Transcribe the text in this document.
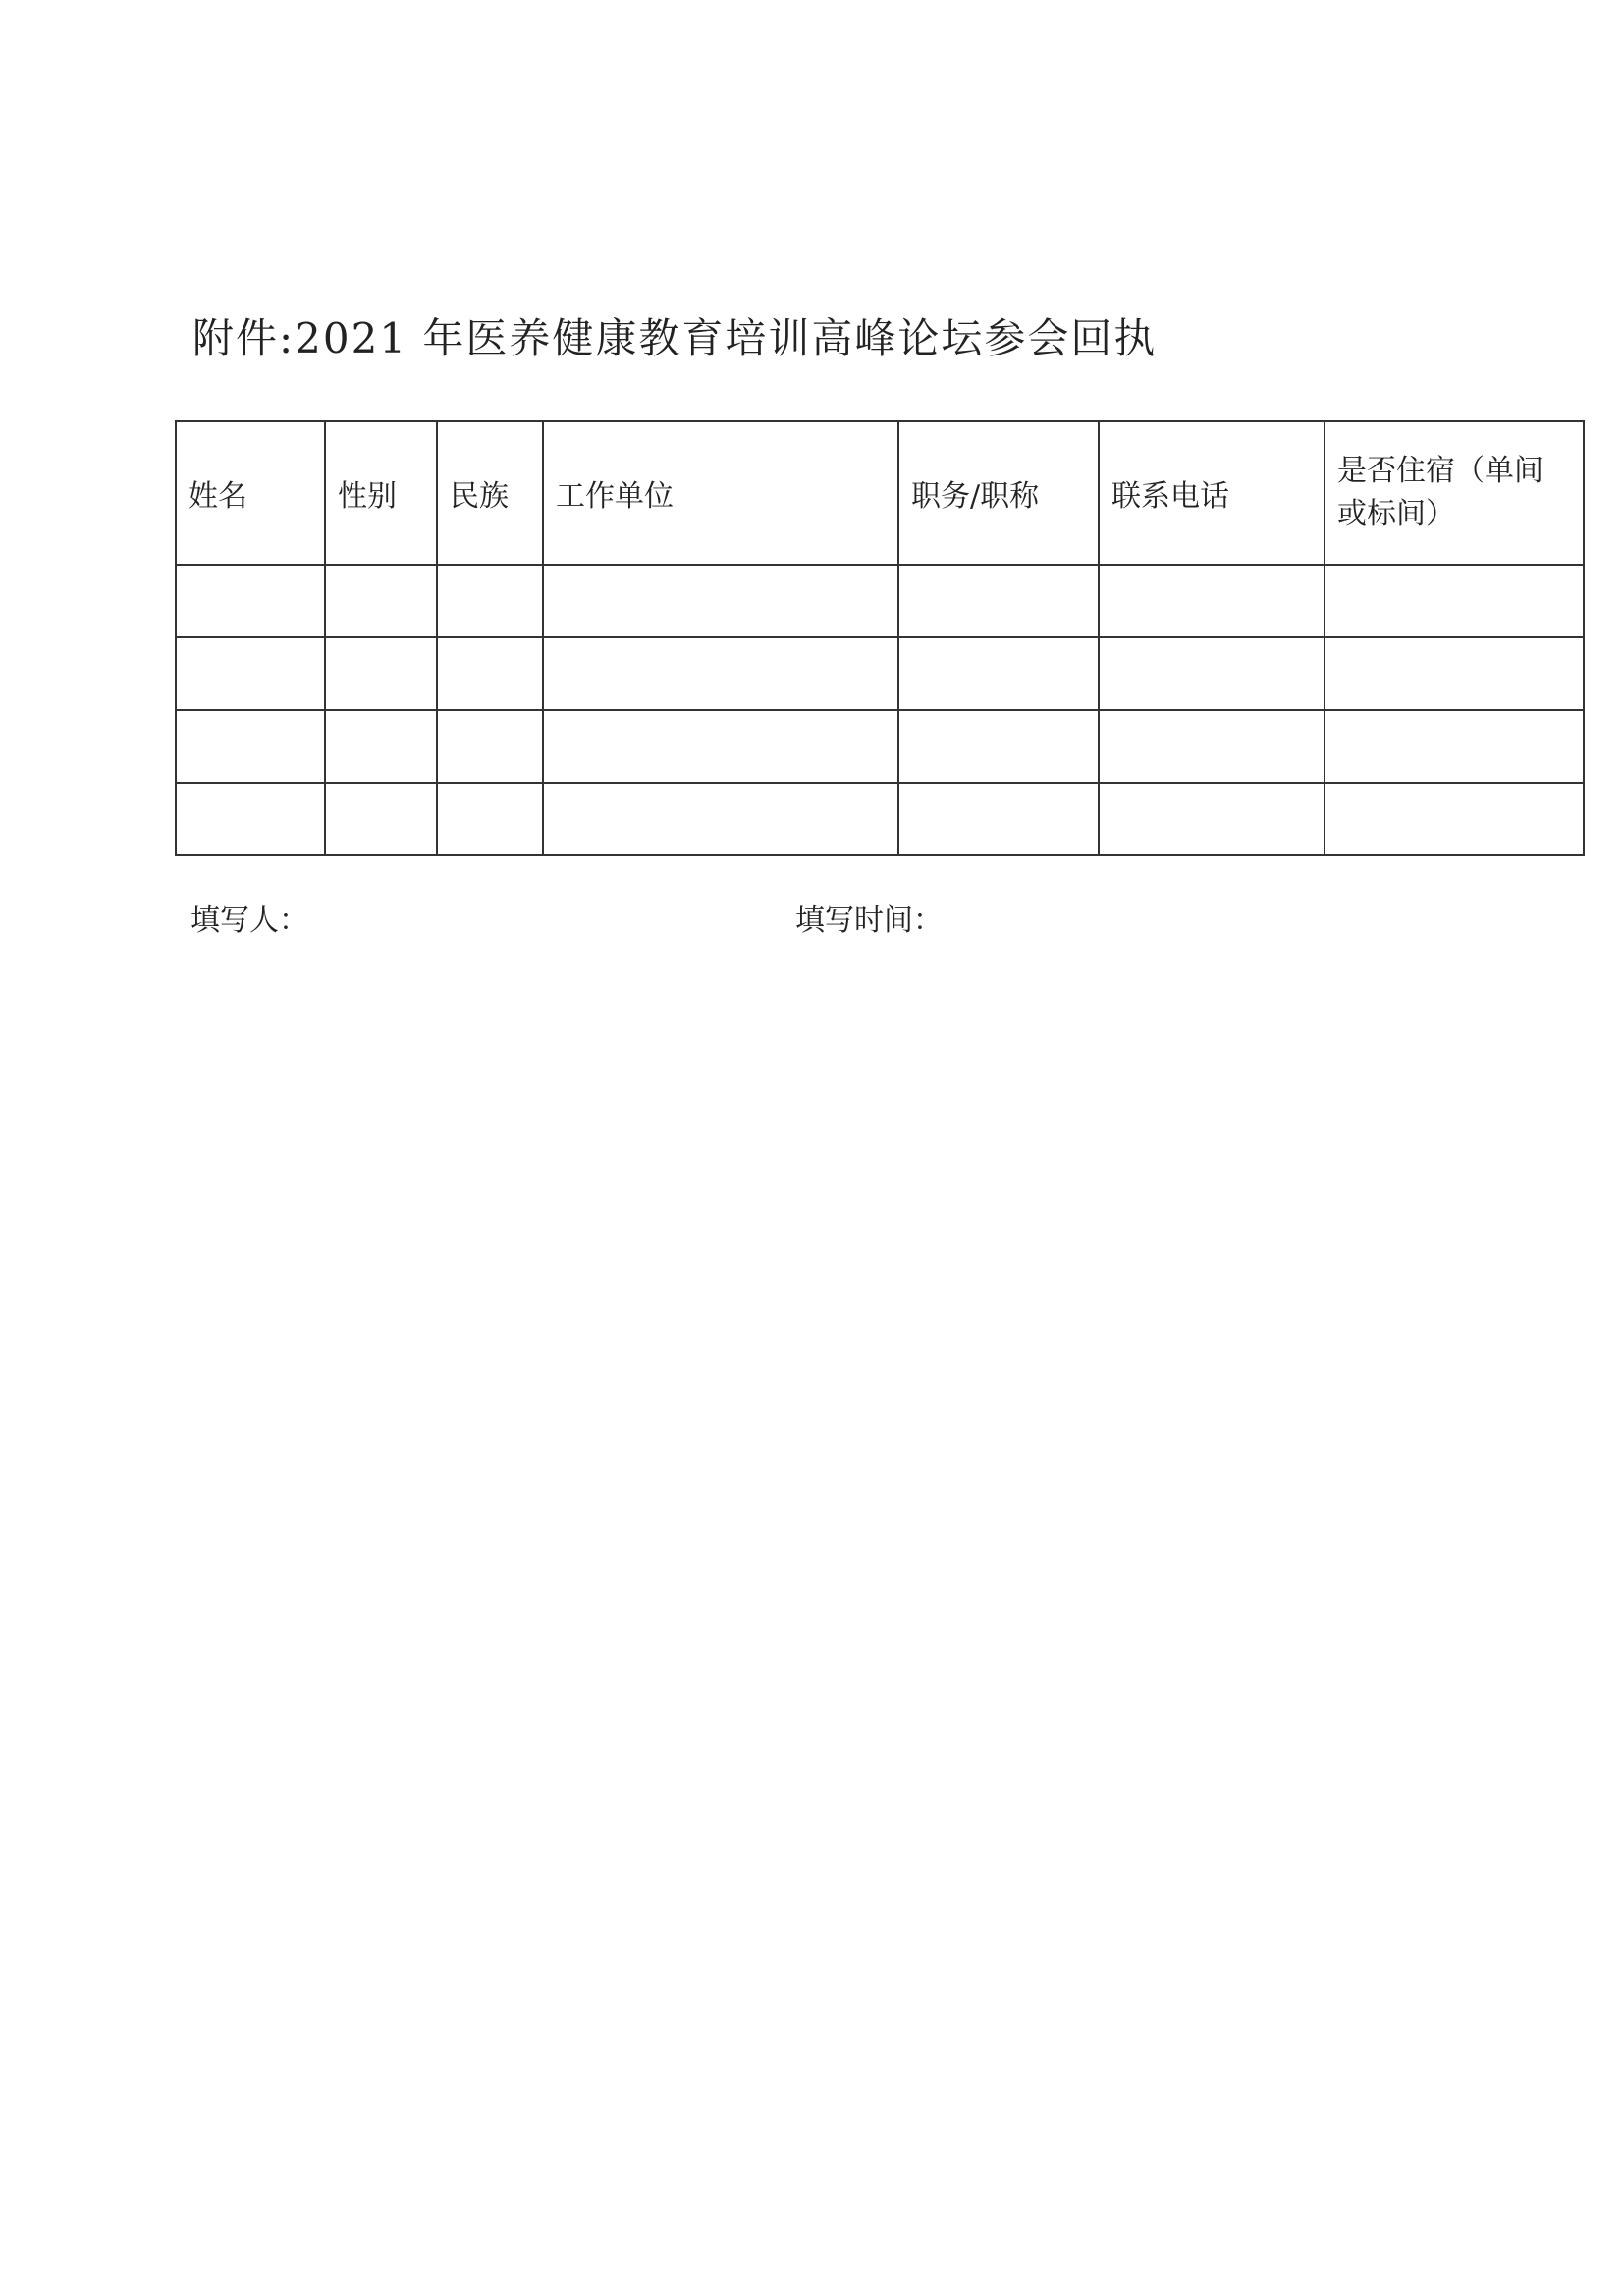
附件:2021 年医养健康教育培训高峰论坛参会回执
姓名	性别	民族	工作单位	职务/职称	联系电话	是否住宿（单间或标间）

填写人：	填写时间：
